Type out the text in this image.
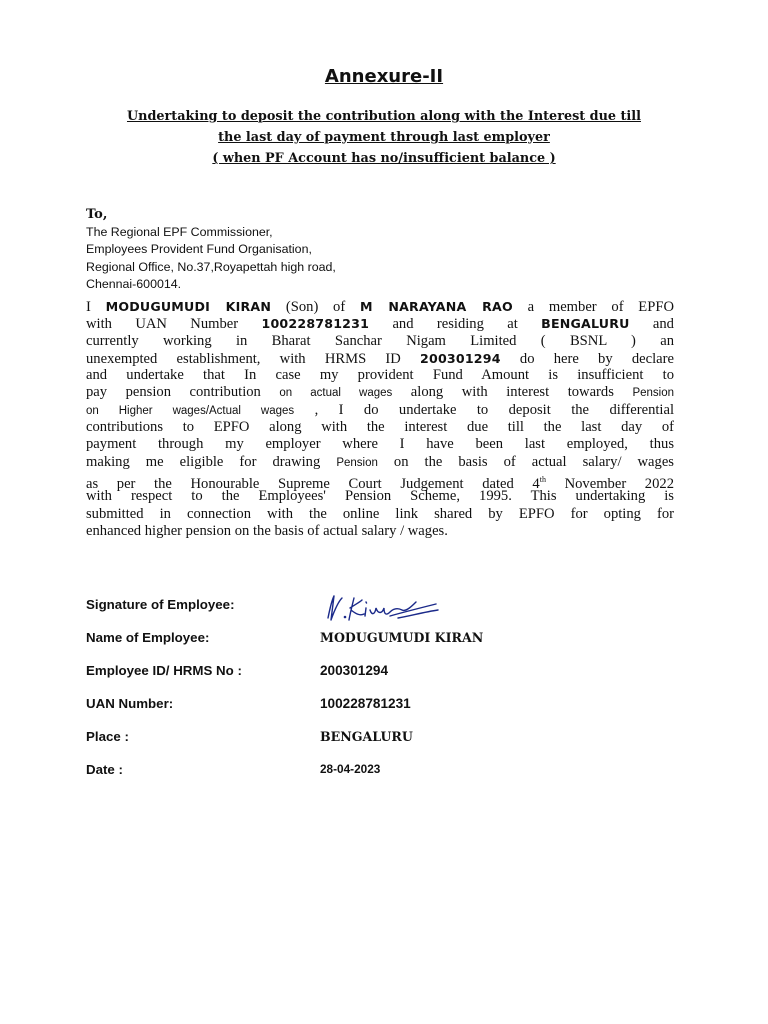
Annexure-II
Undertaking to deposit the contribution along with the Interest due till
the last day of payment through last employer
( when PF Account has no/insufficient balance )
To,
The Regional EPF Commissioner,
Employees Provident Fund Organisation,
Regional Office, No.37,Royapettah high road,
Chennai-600014.
I MODUGUMUDI KIRAN (Son) of M NARAYANA RAO a member of EPFO
with UAN Number 100228781231 and residing at BENGALURU and
currently working in Bharat Sanchar Nigam Limited ( BSNL ) an
unexempted establishment, with HRMS ID 200301294 do here by declare
and undertake that In case my provident Fund Amount is insufficient to
pay pension contribution on actual wages along with interest towards Pension
on Higher wages/Actual wages , I do undertake to deposit the differential
contributions to EPFO along with the interest due till the last day of
payment through my employer where I have been last employed, thus
making me eligible for drawing Pension on the basis of actual salary/ wages
as per the Honourable Supreme Court Judgement dated 4th November 2022
with respect to the Employees' Pension Scheme, 1995. This undertaking is
submitted in connection with the online link shared by EPFO for opting for
enhanced higher pension on the basis of actual salary / wages.
Signature of Employee:
M.Kiran
Name of Employee:	MODUGUMUDI KIRAN
Employee ID/ HRMS No :	200301294
UAN Number:	100228781231
Place :	BENGALURU
Date :	28-04-2023
